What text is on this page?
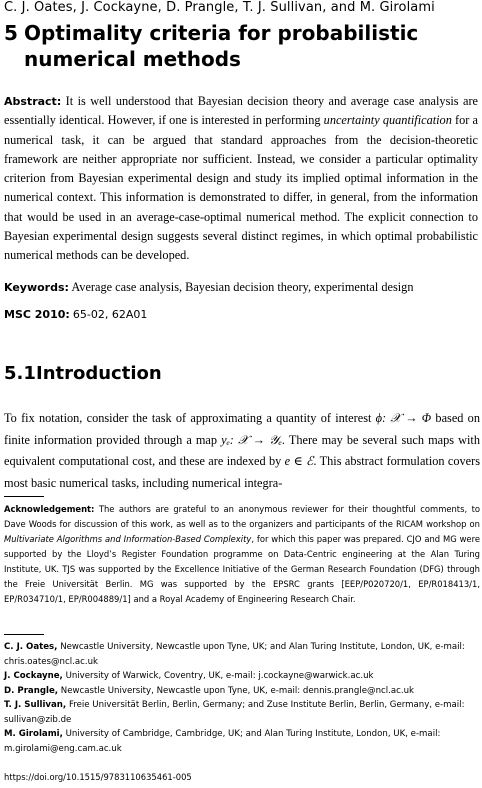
C. J. Oates, J. Cockayne, D. Prangle, T. J. Sullivan, and M. Girolami
5 Optimality criteria for probabilistic
numerical methods
Abstract: It is well understood that Bayesian decision theory and average case analysis are essentially identical. However, if one is interested in performing uncertainty quantification for a numerical task, it can be argued that standard approaches from the decision-theoretic framework are neither appropriate nor sufficient. Instead, we consider a particular optimality criterion from Bayesian experimental design and study its implied optimal information in the numerical context. This information is demonstrated to differ, in general, from the information that would be used in an average-case-optimal numerical method. The explicit connection to Bayesian experimental design suggests several distinct regimes, in which optimal probabilistic numerical methods can be developed.
Keywords: Average case analysis, Bayesian decision theory, experimental design
MSC 2010: 65-02, 62A01
5.1Introduction
To fix notation, consider the task of approximating a quantity of interest ϕ: 𝒳 → Φ based on finite information provided through a map yₑ: 𝒳 → 𝒴ₑ. There may be several such maps with equivalent computational cost, and these are indexed by e ∈ ℰ. This abstract formulation covers most basic numerical tasks, including numerical integra-
Acknowledgement: The authors are grateful to an anonymous reviewer for their thoughtful comments, to Dave Woods for discussion of this work, as well as to the organizers and participants of the RICAM workshop on Multivariate Algorithms and Information-Based Complexity, for which this paper was prepared. CJO and MG were supported by the Lloyd’s Register Foundation programme on Data-Centric engineering at the Alan Turing Institute, UK. TJS was supported by the Excellence Initiative of the German Research Foundation (DFG) through the Freie Universität Berlin. MG was supported by the EPSRC grants [EEP/P020720/1, EP/R018413/1, EP/R034710/1, EP/R004889/1] and a Royal Academy of Engineering Research Chair.

C. J. Oates, Newcastle University, Newcastle upon Tyne, UK; and Alan Turing Institute, London, UK, e-mail: chris.oates@ncl.ac.uk

J. Cockayne, University of Warwick, Coventry, UK, e-mail: j.cockayne@warwick.ac.uk

D. Prangle, Newcastle University, Newcastle upon Tyne, UK, e-mail: dennis.prangle@ncl.ac.uk

T. J. Sullivan, Freie Universität Berlin, Berlin, Germany; and Zuse Institute Berlin, Berlin, Germany, e-mail: sullivan@zib.de

M. Girolami, University of Cambridge, Cambridge, UK; and Alan Turing Institute, London, UK, e-mail: m.girolami@eng.cam.ac.uk

https://doi.org/10.1515/9783110635461-005
